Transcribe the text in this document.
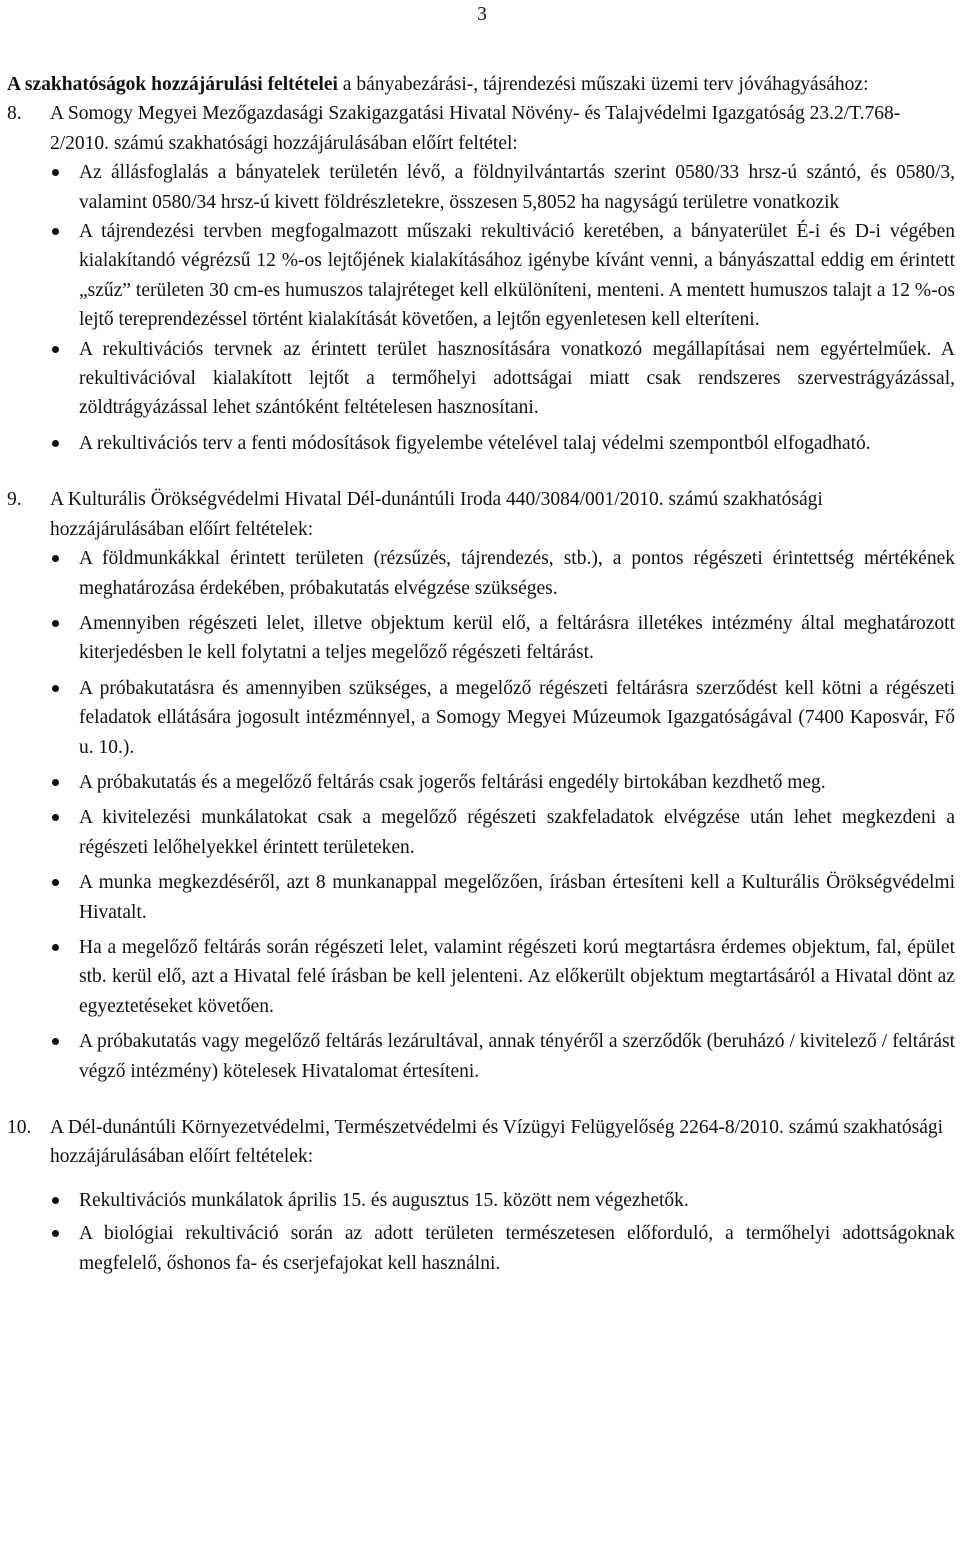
3

A szakhatóságok hozzájárulási feltételei a bányabezárási-, tájrendezési műszaki üzemi terv jóváhagyásához:

8.	A Somogy Megyei Mezőgazdasági Szakigazgatási Hivatal Növény- és Talajvédelmi Igazgatóság 23.2/T.768-2/2010. számú szakhatósági hozzájárulásában előírt feltétel:
Az állásfoglalás a bányatelek területén lévő, a földnyilvántartás szerint 0580/33 hrsz-ú szántó, és 0580/3, valamint 0580/34 hrsz-ú kivett földrészletekre, összesen 5,8052 ha nagyságú területre vonatkozik
A tájrendezési tervben megfogalmazott műszaki rekultiváció keretében, a bányaterület É-i és D-i végében kialakítandó végrézsű 12 %-os lejtőjének kialakításához igénybe kívánt venni, a bányászattal eddig em érintett „szűz” területen 30 cm-es humuszos talajréteget kell elkülöníteni, menteni. A mentett humuszos talajt a 12 %-os lejtő tereprendezéssel történt kialakítását követően, a lejtőn egyenletesen kell elteríteni.
A rekultivációs tervnek az érintett terület hasznosítására vonatkozó megállapításai nem egyértelműek. A rekultivációval kialakított lejtőt a termőhelyi adottságai miatt csak rendszeres szervestrágyázással, zöldtrágyázással lehet szántóként feltételesen hasznosítani.
A rekultivációs terv a fenti módosítások figyelembe vételével talaj védelmi szempontból elfogadható.
9.	A Kulturális Örökségvédelmi Hivatal Dél-dunántúli Iroda 440/3084/001/2010. számú szakhatósági hozzájárulásában előírt feltételek:
A földmunkákkal érintett területen (rézsűzés, tájrendezés, stb.), a pontos régészeti érintettség mértékének meghatározása érdekében, próbakutatás elvégzése szükséges.
Amennyiben régészeti lelet, illetve objektum kerül elő, a feltárásra illetékes intézmény által meghatározott kiterjedésben le kell folytatni a teljes megelőző régészeti feltárást.
A próbakutatásra és amennyiben szükséges, a megelőző régészeti feltárásra szerződést kell kötni a régészeti feladatok ellátására jogosult intézménnyel, a Somogy Megyei Múzeumok Igazgatóságával (7400 Kaposvár, Fő u. 10.).
A próbakutatás és a megelőző feltárás csak jogerős feltárási engedély birtokában kezdhető meg.
A kivitelezési munkálatokat csak a megelőző régészeti szakfeladatok elvégzése után lehet megkezdeni a régészeti lelőhelyekkel érintett területeken.
A munka megkezdéséről, azt 8 munkanappal megelőzően, írásban értesíteni kell a Kulturális Örökségvédelmi Hivatalt.
Ha a megelőző feltárás során régészeti lelet, valamint régészeti korú megtartásra érdemes objektum, fal, épület stb. kerül elő, azt a Hivatal felé írásban be kell jelenteni. Az előkerült objektum megtartásáról a Hivatal dönt az egyeztetéseket követően.
A próbakutatás vagy megelőző feltárás lezárultával, annak tényéről a szerződők (beruházó / kivitelező / feltárást végző intézmény) kötelesek Hivatalomat értesíteni.
10. A Dél-dunántúli Környezetvédelmi, Természetvédelmi és Vízügyi Felügyelőség 2264-8/2010. számú szakhatósági hozzájárulásában előírt feltételek:
Rekultivációs munkálatok április 15. és augusztus 15. között nem végezhetők.
A biológiai rekultiváció során az adott területen természetesen előforduló, a termőhelyi adottságoknak megfelelő, őshonos fa- és cserjefajokat kell használni.
